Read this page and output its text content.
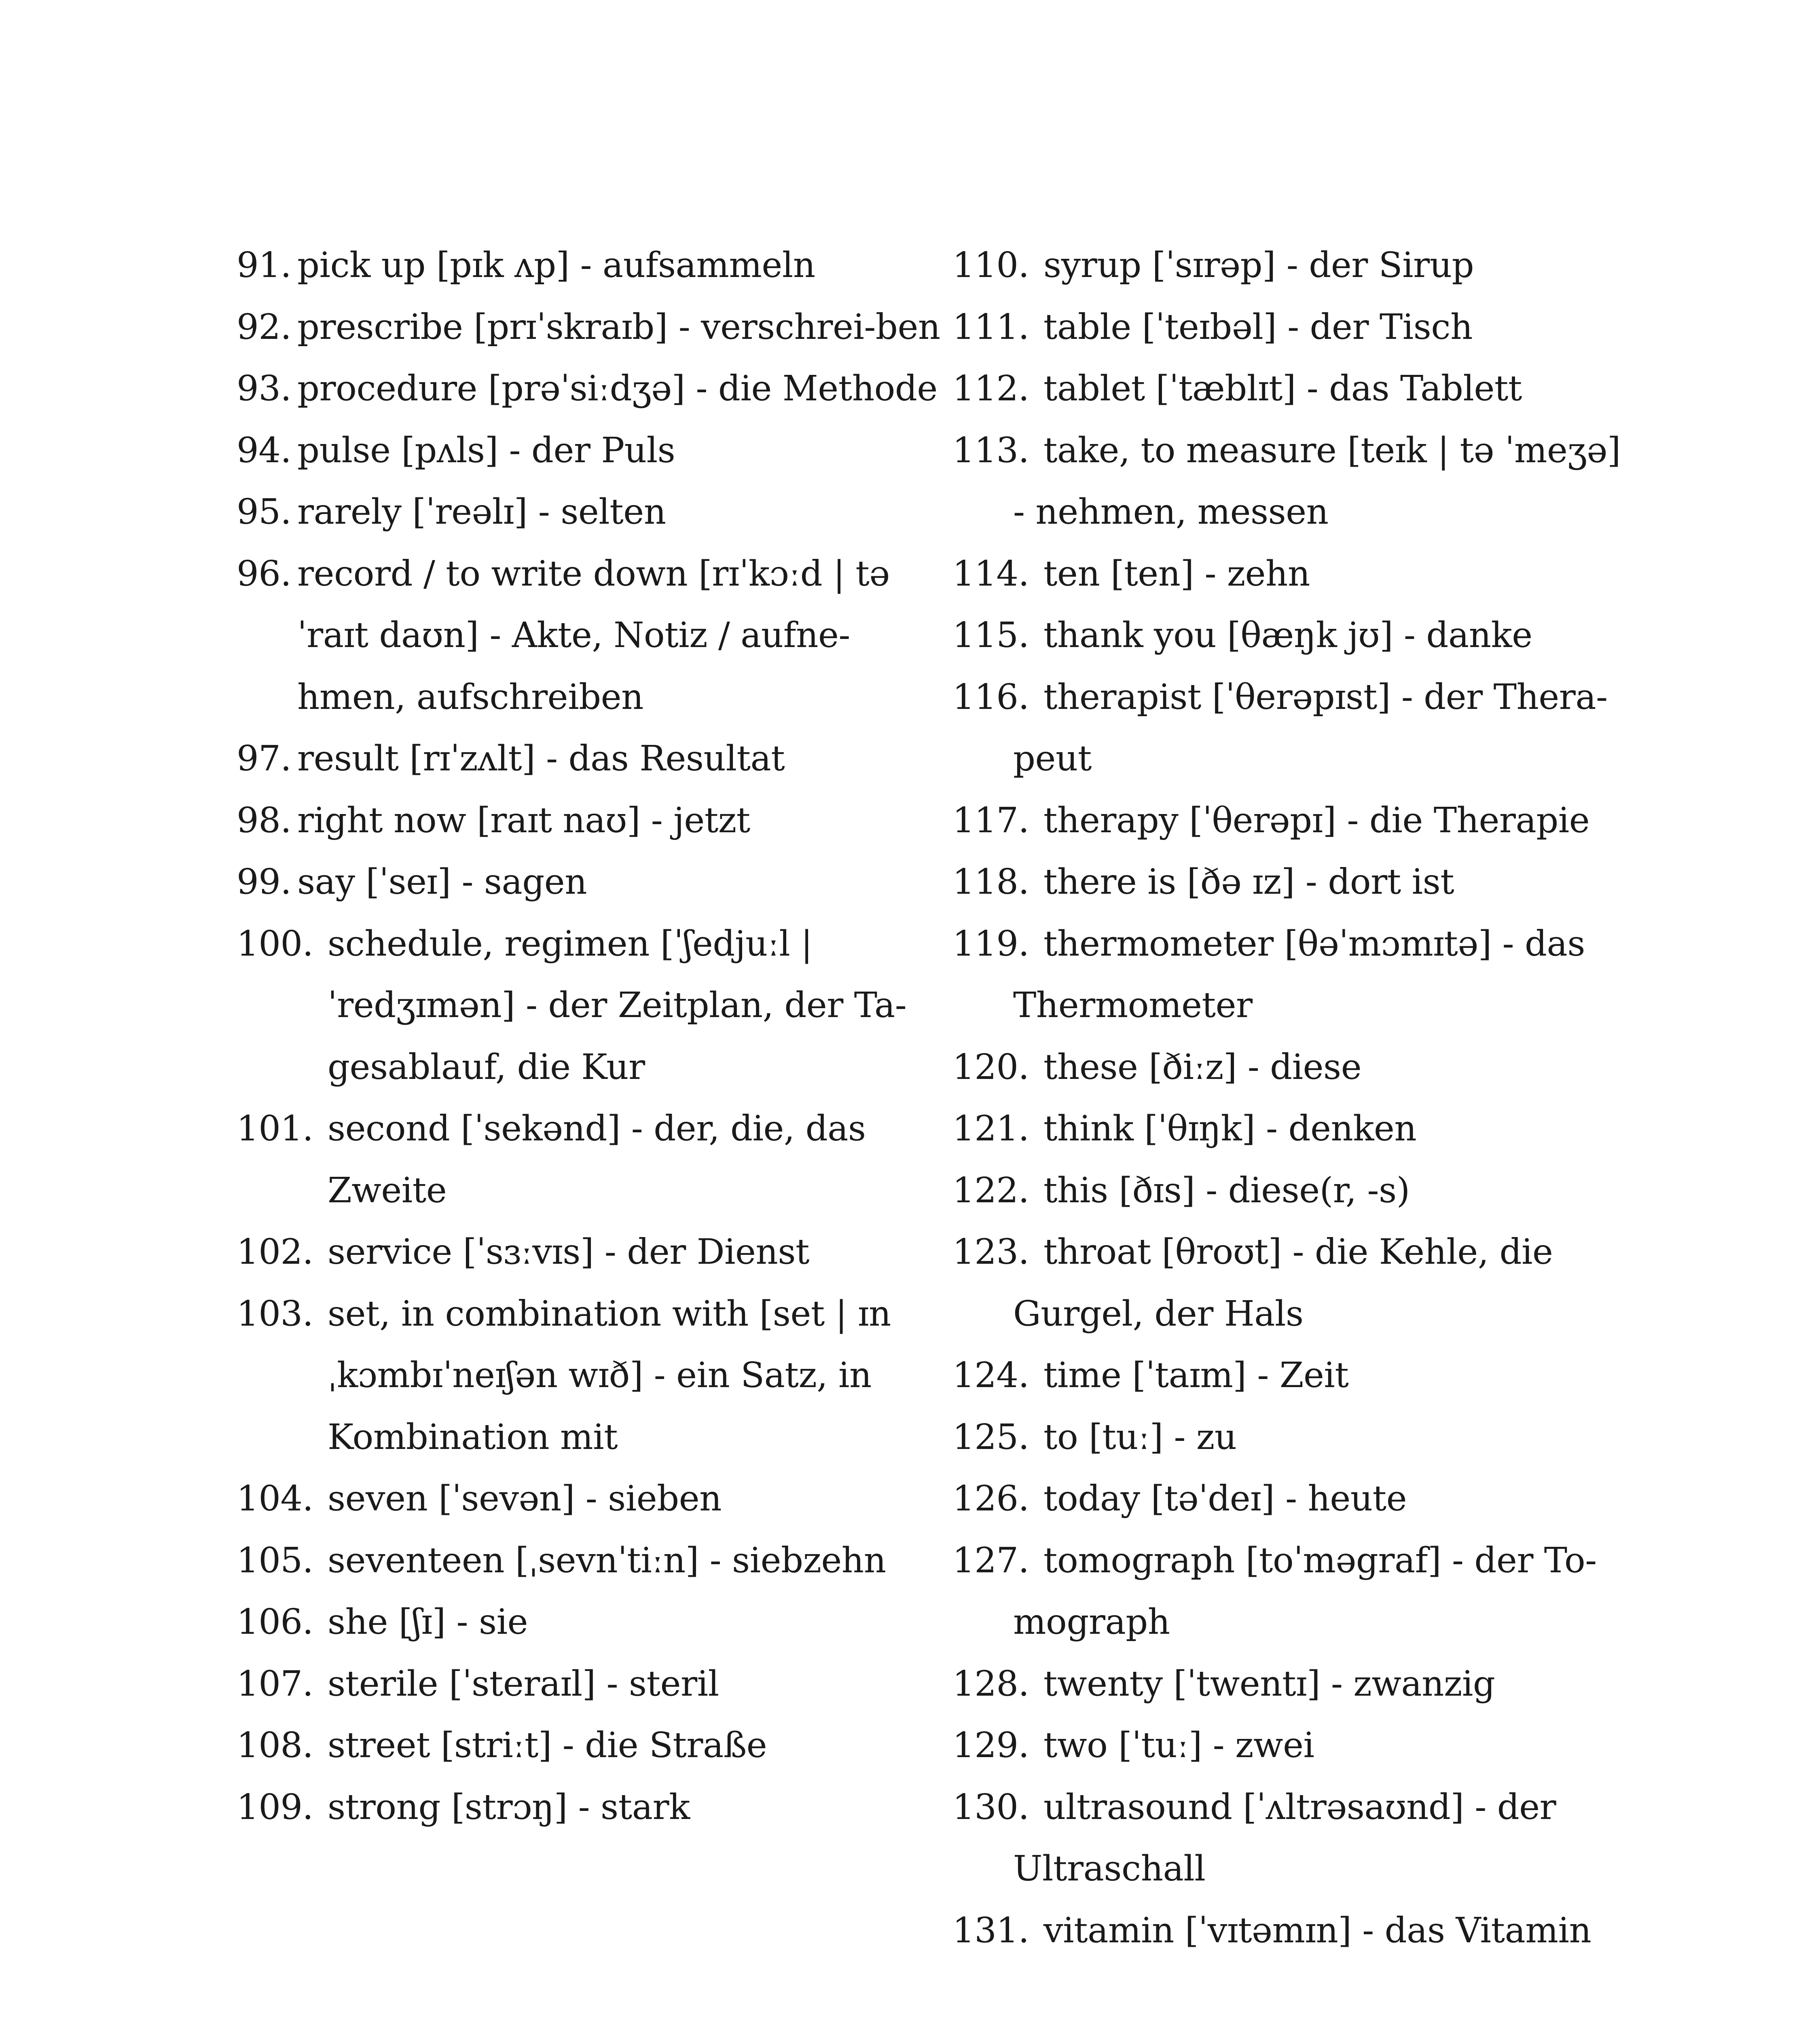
91. pick up [pɪk ʌp] - aufsammeln
92. prescribe [prɪˈskraɪb] - verschrei-ben
93. procedure [prəˈsiːdʒə] - die Methode
94. pulse [pʌls] - der Puls
95. rarely [ˈreəlɪ] - selten
96. record / to write down [rɪˈkɔːd | tə ˈraɪt daʊn] - Akte, Notiz / aufne-hmen, aufschreiben
97. result [rɪˈzʌlt] - das Resultat
98. right now [raɪt naʊ] - jetzt
99. say [ˈseɪ] - sagen
100. schedule, regimen [ˈʃedjuːl | ˈredʒɪmən] - der Zeitplan, der Ta-gesablauf, die Kur
101. second [ˈsekənd] - der, die, das Zweite
102. service [ˈsɜːvɪs] - der Dienst
103. set, in combination with [set | ɪn ˌkɔmbɪˈneɪʃən wɪð] - ein Satz, in Kombination mit
104. seven [ˈsevən] - sieben
105. seventeen [ˌsevnˈtiːn] - siebzehn
106. she [ʃɪ] - sie
107. sterile [ˈsteraɪl] - steril
108. street [striːt] - die Straße
109. strong [strɔŋ] - stark
110. syrup [ˈsɪrəp] - der Sirup
111. table [ˈteɪbəl] - der Tisch
112. tablet [ˈtæblɪt] - das Tablett
113. take, to measure [teɪk | tə ˈmeʒə] - nehmen, messen
114. ten [ten] - zehn
115. thank you [θæŋk jʊ] - danke
116. therapist [ˈθerəpɪst] - der Thera-peut
117. therapy [ˈθerəpɪ] - die Therapie
118. there is [ðə ɪz] - dort ist
119. thermometer [θəˈmɔmɪtə] - das Thermometer
120. these [ðiːz] - diese
121. think [ˈθɪŋk] - denken
122. this [ðɪs] - diese(r, -s)
123. throat [θroʊt] - die Kehle, die Gurgel, der Hals
124. time [ˈtaɪm] - Zeit
125. to [tuː] - zu
126. today [təˈdeɪ] - heute
127. tomograph [toˈməgraf] - der To-mograph
128. twenty [ˈtwentɪ] - zwanzig
129. two [ˈtuː] - zwei
130. ultrasound [ˈʌltrəsaʊnd] - der Ultraschall
131. vitamin [ˈvɪtəmɪn] - das Vitamin
